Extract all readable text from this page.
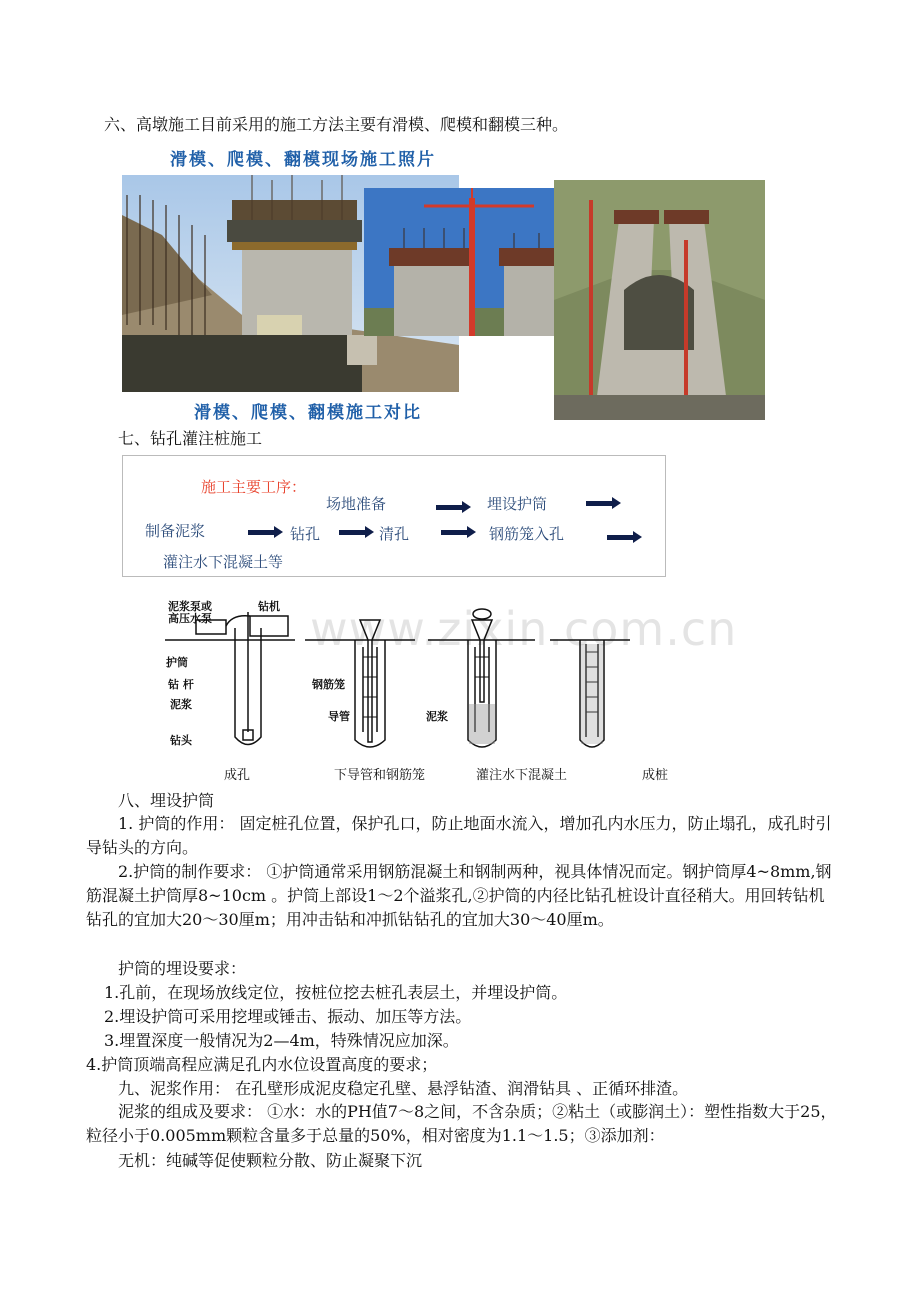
六、高墩施工目前采用的施工方法主要有滑模、爬模和翻模三种。
滑模、爬模、翻模现场施工照片
滑模、爬模、翻模施工对比
七、钻孔灌注桩施工
施工主要工序：
场地准备	埋设护筒
制备泥浆	钻孔	清孔	钢筋笼入孔
灌注水下混凝土等
www.zixin.com.cn
泥浆泵或
高压水泵
钻机
护筒
钻 杆
泥浆
钻头
钢筋笼
导管	泥浆
成孔	下导管和钢筋笼	灌注水下混凝土	成桩
八、埋设护筒
1. 护筒的作用： 固定桩孔位置，保护孔口，防止地面水流入，增加孔内水压力，防止塌孔，成孔时引导钻头的方向。
2.护筒的制作要求： ①护筒通常采用钢筋混凝土和钢制两种，视具体情况而定。钢护筒厚4~8mm,钢筋混凝土护筒厚8~10cm 。护筒上部设1～2个溢浆孔,②护筒的内径比钻孔桩设计直径稍大。用回转钻机钻孔的宜加大20～30厘m；用冲击钻和冲抓钻钻孔的宜加大30～40厘m。
护筒的埋设要求：
1.孔前，在现场放线定位，按桩位挖去桩孔表层土，并埋设护筒。
2.埋设护筒可采用挖埋或锤击、振动、加压等方法。
3.埋置深度一般情况为2—4m，特殊情况应加深。
4.护筒顶端高程应满足孔内水位设置高度的要求；
九、泥浆作用： 在孔壁形成泥皮稳定孔壁、悬浮钻渣、润滑钻具 、正循环排渣。
泥浆的组成及要求： ①水：水的PH值7～8之间，不含杂质；②粘土（或膨润土）：塑性指数大于25，粒径小于0.005mm颗粒含量多于总量的50%，相对密度为1.1～1.5；③添加剂：
无机：纯碱等促使颗粒分散、防止凝聚下沉
